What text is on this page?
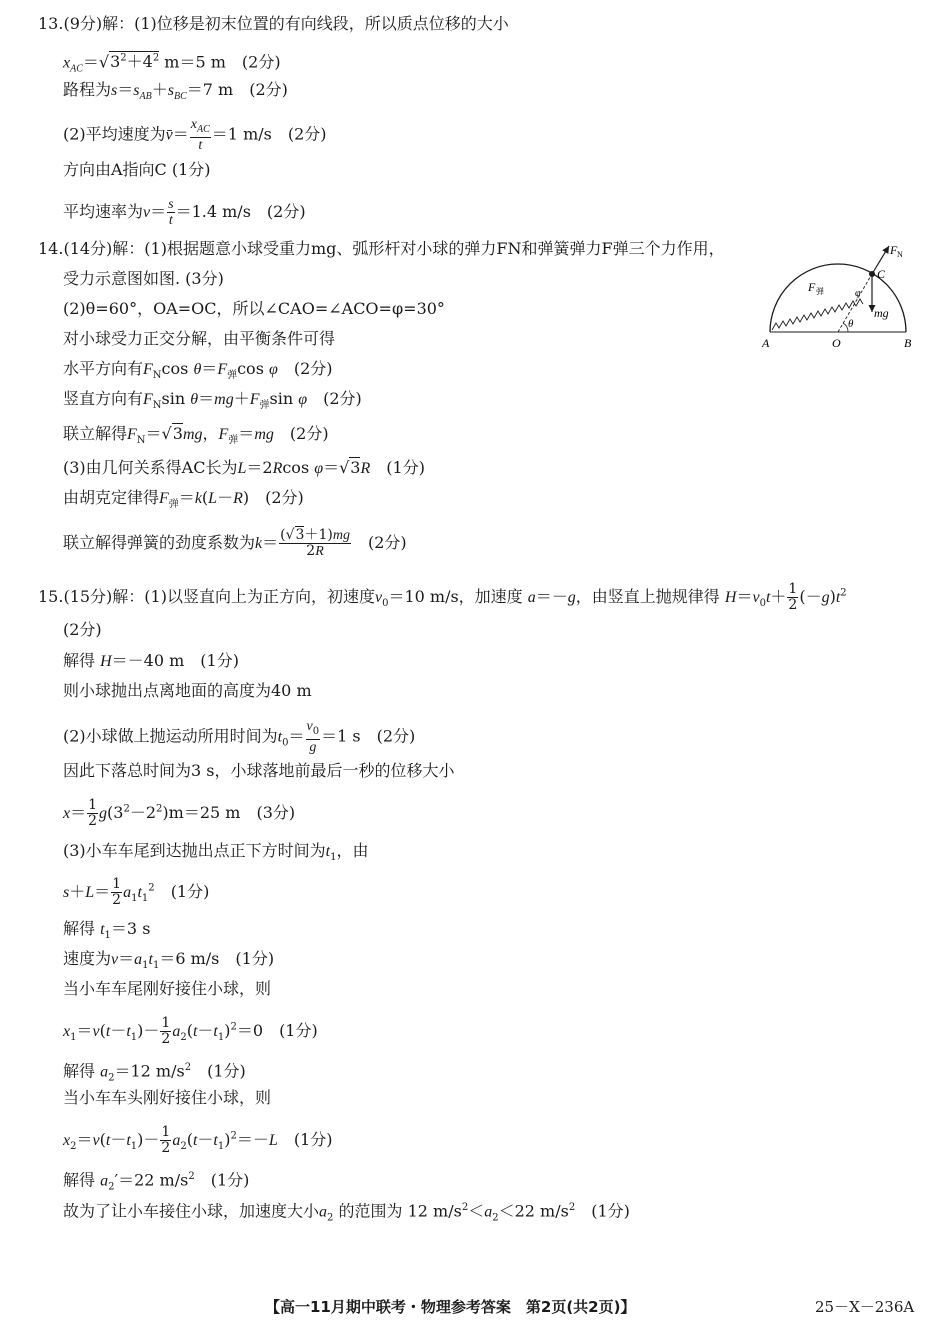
13.(9分)解：(1)位移是初末位置的有向线段，所以质点位移的大小
$x_{AC}=√3^2+4^2$ m＝5 m　(2分)
路程为$s=s_{AB}+s_{BC}=7$ m　(2分)
(2)平均速度为v̄＝ $\frac{x_{AC}}{t} =1$ m/s　(2分)
方向由A指向C (1分)
平均速率为$v= \frac{s}{t} =1.4$ m/s　(2分)
14.(14分)解：(1)根据题意小球受重力mg、弧形杆对小球的弹力FN和弹簧弹力F弹三个力作用，
受力示意图如图. (3分)
(2)θ=60°，OA=OC，所以∠CAO=∠ACO=φ=30°
对小球受力正交分解，由平衡条件可得
水平方向有$F_N\cos$ $\theta=F_弹\cos$ φ　 (2分)
竖直方向有$F_N\sin$ $\theta=mg+F_弹\sin$ φ　 (2分)
联立解得$F_N=√3mg$，$F_弹=mg$　 (2分)
(3)由几何关系得AC长为L＝2Rcos φ＝√3R　 (1分)
由胡克定律得$F_弹=k(L-R)$　(2分)
联立解得弹簧的劲度系数为$k= \frac{(√3+1)mg}{2R}$
　 (2分)
A	O	B
C
F N
F 弹
mg
θ
φ
15.(15分)解：(1)以竖直向上为正方向，初速度$v_0=10$ m/s，加速度 a＝－g，由竖直上抛规律得 $H=v_0t+ \frac{1}{2} (-g)t^2$
(2分)
解得 H＝－40 m　(1分)
则小球抛出点离地面的高度为40 m
(2)小球做上抛运动所用时间为$t_0= \frac{v_0}{g} =1$ s　(2分)
因此下落总时间为3 s，小球落地前最后一秒的位移大小
$x= \frac{1}{2} g(3^2-2^2)m=25$ m　(3分)
(3)小车车尾到达抛出点正下方时间为$t_1$，由
$s+L= \frac{1}{2} a_1t_1^2$　 (1分)
解得 $t_1=3$ s
速度为$v=a_1t_1=6$ m/s　(1分)
当小车车尾刚好接住小球，则
$x_1=v(t-t_1)- \frac{1}{2} a_2(t-t_1)^2=0$　(1分)
解得 $a_2=12$ $m/s^2$　 (1分)
当小车车头刚好接住小球，则
$x_2=v(t-t_1)- \frac{1}{2} a_2(t-t_1)^2=-L$　 (1分)
解得 $a_2'=22$ $m/s^2$　 (1分)
故为了让小车接住小球，加速度大小$a_2$ 的范围为 12 $m/s^2<a_2<22$ $m/s^2$　 (1分)
【高一11月期中联考・物理参考答案　第2页(共2页)】	25－X－236A
